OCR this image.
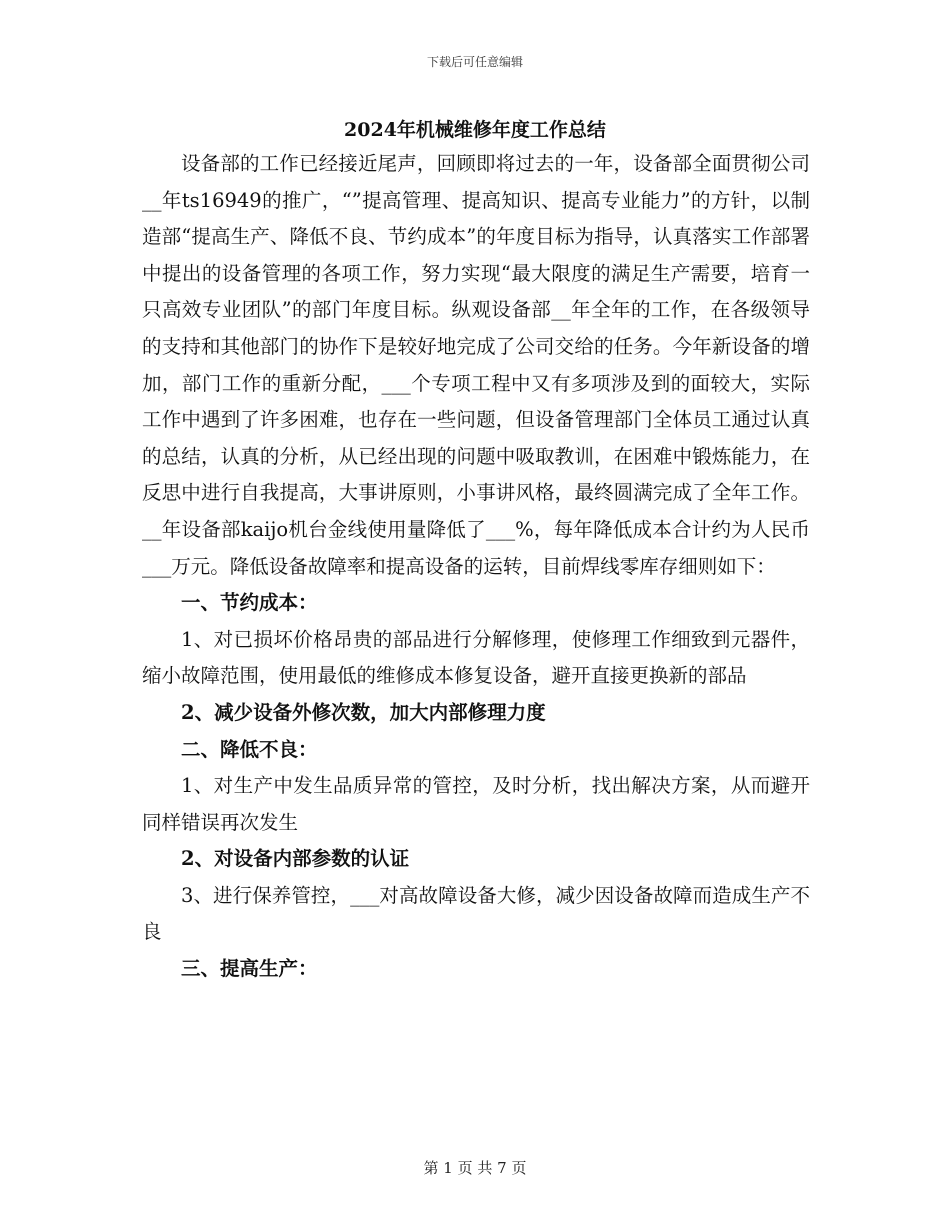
下载后可任意编辑
2024年机械维修年度工作总结

设备部的工作已经接近尾声，回顾即将过去的一年，设备部全面贯彻公司__年ts16949的推广，“”提高管理、提高知识、提高专业能力”的方针，以制造部“提高生产、降低不良、节约成本”的年度目标为指导，认真落实工作部署中提出的设备管理的各项工作，努力实现“最大限度的满足生产需要，培育一只高效专业团队”的部门年度目标。纵观设备部__年全年的工作，在各级领导的支持和其他部门的协作下是较好地完成了公司交给的任务。今年新设备的增加，部门工作的重新分配，___个专项工程中又有多项涉及到的面较大，实际工作中遇到了许多困难，也存在一些问题，但设备管理部门全体员工通过认真的总结，认真的分析，从已经出现的问题中吸取教训，在困难中锻炼能力，在反思中进行自我提高，大事讲原则，小事讲风格，最终圆满完成了全年工作。__年设备部kaijo机台金线使用量降低了___%，每年降低成本合计约为人民币___万元。降低设备故障率和提高设备的运转，目前焊线零库存细则如下：

一、节约成本：

1、对已损坏价格昂贵的部品进行分解修理，使修理工作细致到元器件，缩小故障范围，使用最低的维修成本修复设备，避开直接更换新的部品

2、减少设备外修次数，加大内部修理力度

二、降低不良：

1、对生产中发生品质异常的管控，及时分析，找出解决方案，从而避开同样错误再次发生

2、对设备内部参数的认证

3、进行保养管控，___对高故障设备大修，减少因设备故障而造成生产不良

三、提高生产：

第 1 页 共 7 页
